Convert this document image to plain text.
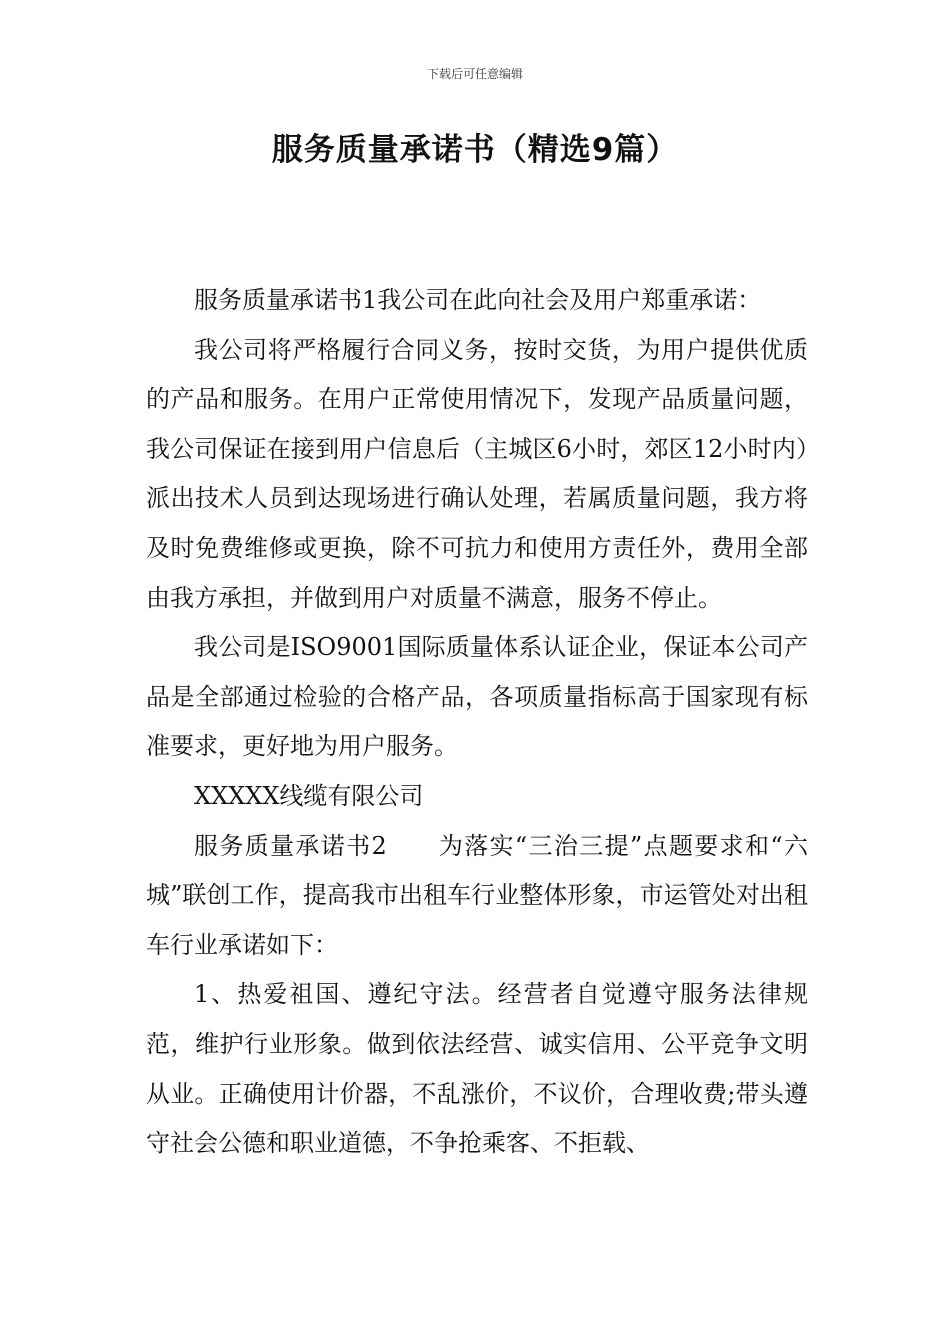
下载后可任意编辑
服务质量承诺书（精选9篇）

服务质量承诺书1我公司在此向社会及用户郑重承诺：

我公司将严格履行合同义务，按时交货，为用户提供优质的产品和服务。在用户正常使用情况下，发现产品质量问题，我公司保证在接到用户信息后（主城区6小时，郊区12小时内）派出技术人员到达现场进行确认处理，若属质量问题，我方将及时免费维修或更换，除不可抗力和使用方责任外，费用全部由我方承担，并做到用户对质量不满意，服务不停止。

我公司是ISO9001国际质量体系认证企业，保证本公司产品是全部通过检验的合格产品，各项质量指标高于国家现有标准要求，更好地为用户服务。

XXXXX线缆有限公司

服务质量承诺书2　　为落实“三治三提”点题要求和“六城”联创工作，提高我市出租车行业整体形象，市运管处对出租车行业承诺如下：

1、热爱祖国、遵纪守法。经营者自觉遵守服务法律规范，维护行业形象。做到依法经营、诚实信用、公平竞争文明从业。正确使用计价器，不乱涨价，不议价，合理收费;带头遵守社会公德和职业道德，不争抢乘客、不拒载、
